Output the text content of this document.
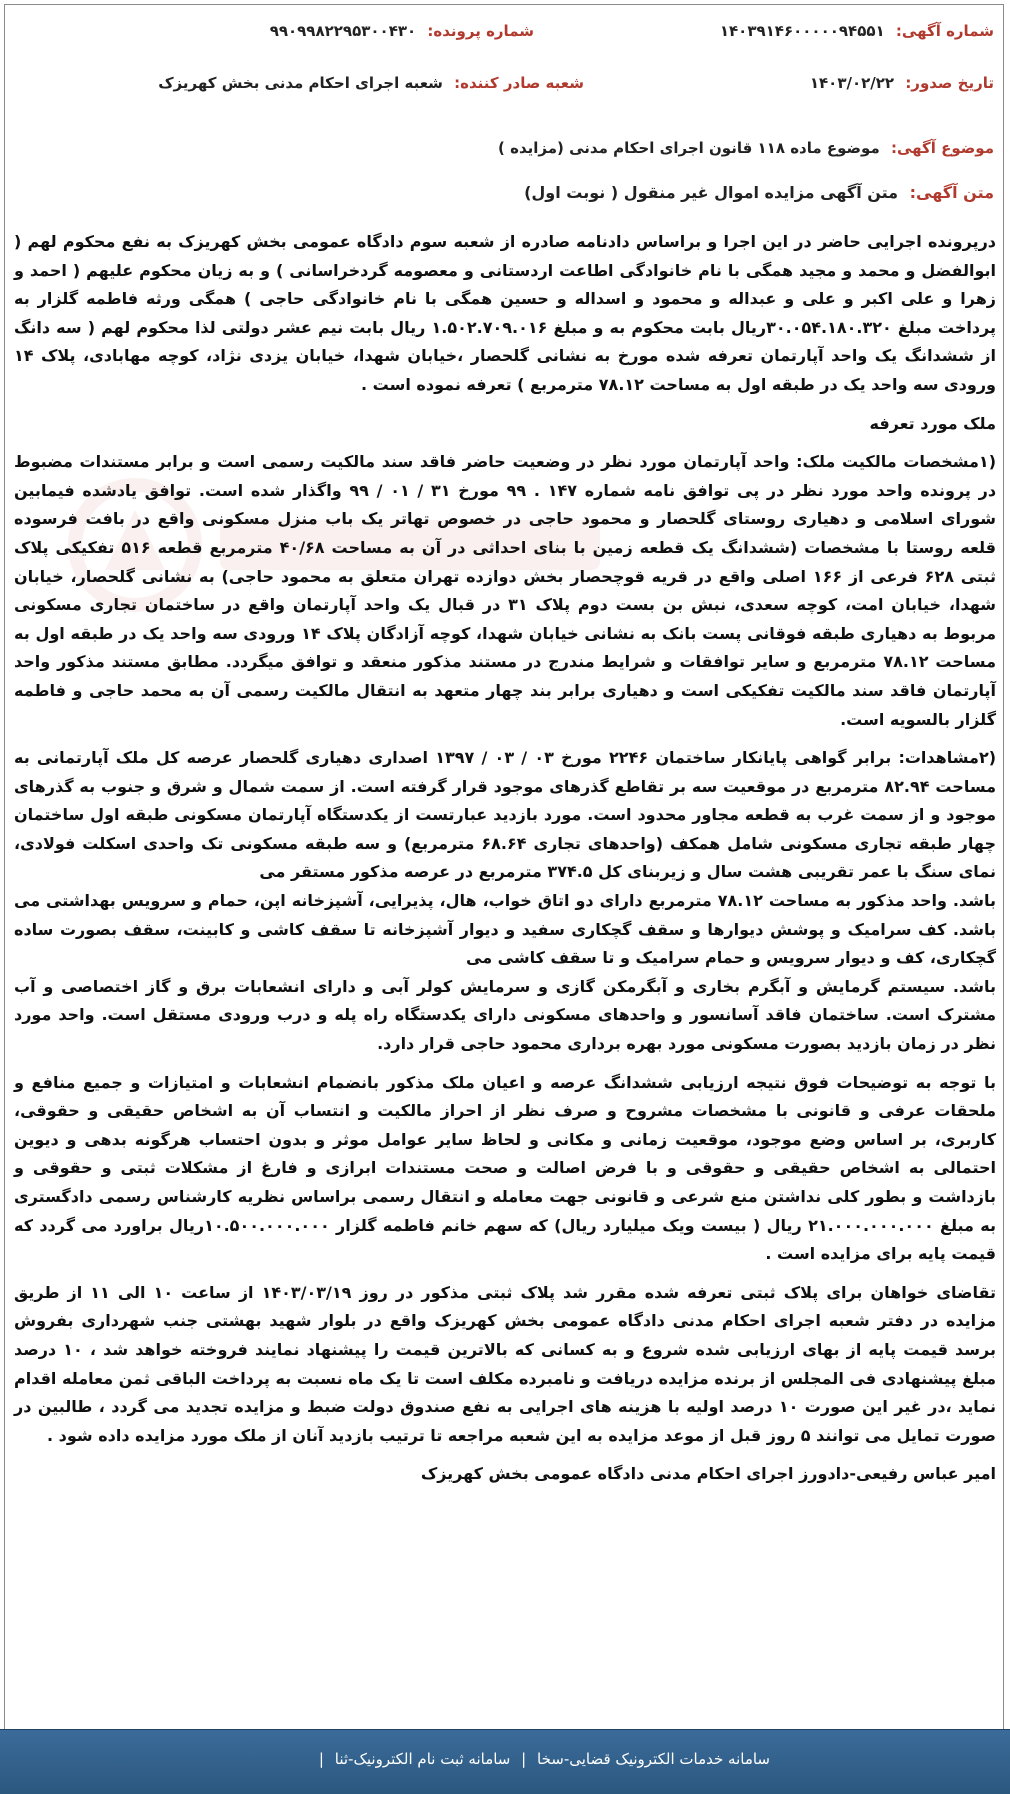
شماره آگهی: ۱۴۰۳۹۱۴۶۰۰۰۰۰۹۴۵۵۱
شماره پرونده: ۹۹۰۹۹۸۲۲۹۵۳۰۰۴۳۰
تاریخ صدور: ۱۴۰۳/۰۲/۲۲
شعبه صادر کننده: شعبه اجرای احکام مدنی بخش کهریزک
موضوع آگهی: موضوع ماده ۱۱۸ قانون اجرای احکام مدنی (مزایده )
متن آگهی: متن آگهی مزایده اموال غیر منقول ( نوبت اول)

درپرونده اجرایی حاضر در این اجرا و براساس دادنامه صادره از شعبه سوم دادگاه عمومی بخش کهریزک به نفع محکوم لهم ( ابوالفضل و محمد و مجید همگی با نام خانوادگی اطاعت اردستانی و معصومه گردخراسانی ) و به زیان محکوم علیهم ( احمد و زهرا و علی اکبر و علی و عبداله و محمود و اسداله و حسین همگی با نام خانوادگی حاجی ) همگی ورثه فاطمه گلزار به پرداخت مبلغ ۳۰.۰۵۴.۱۸۰.۳۲۰ریال بابت محکوم به و مبلغ ۱.۵۰۲.۷۰۹.۰۱۶ ریال بابت نیم عشر دولتی لذا محکوم لهم ( سه دانگ از ششدانگ یک واحد آپارتمان تعرفه شده مورخ به نشانی گلحصار ،خیابان شهدا، خیابان یزدی نژاد، کوچه مهابادی، پلاک ۱۴ ورودی سه واحد یک در طبقه اول به مساحت ۷۸.۱۲ مترمربع ) تعرفه نموده است .

ملک مورد تعرفه

(۱مشخصات مالکیت ملک: واحد آپارتمان مورد نظر در وضعیت حاضر فاقد سند مالکیت رسمی است و برابر مستندات مضبوط در پرونده واحد مورد نظر در پی توافق نامه شماره ۱۴۷ . ۹۹ مورخ ۳۱ / ۰۱ / ۹۹ واگذار شده است. توافق یادشده فیمابین شورای اسلامی و دهیاری روستای گلحصار و محمود حاجی در خصوص تهاتر یک باب منزل مسکونی واقع در بافت فرسوده قلعه روستا با مشخصات (ششدانگ یک قطعه زمین با بنای احداثی در آن به مساحت ۴۰/۶۸ مترمربع قطعه ۵۱۶ تفکیکی پلاک ثبتی ۶۲۸ فرعی از ۱۶۶ اصلی واقع در قریه قوچحصار بخش دوازده تهران متعلق به محمود حاجی) به نشانی گلحصار، خیابان شهدا، خیابان امت، کوچه سعدی، نبش بن بست دوم پلاک ۳۱ در قبال یک واحد آپارتمان واقع در ساختمان تجاری مسکونی مربوط به دهیاری طبقه فوقانی پست بانک به نشانی خیابان شهدا، کوچه آزادگان پلاک ۱۴ ورودی سه واحد یک در طبقه اول به مساحت ۷۸.۱۲ مترمربع و سایر توافقات و شرایط مندرج در مستند مذکور منعقد و توافق میگردد. مطابق مستند مذکور واحد آپارتمان فاقد سند مالکیت تفکیکی است و دهیاری برابر بند چهار متعهد به انتقال مالکیت رسمی آن به محمد حاجی و فاطمه گلزار بالسویه است.

(۲مشاهدات: برابر گواهی پایانکار ساختمان ۲۲۴۶ مورخ ۰۳ / ۰۳ / ۱۳۹۷ اصداری دهیاری گلحصار عرصه کل ملک آپارتمانی به مساحت ۸۲.۹۴ مترمربع در موقعیت سه بر تقاطع گذرهای موجود قرار گرفته است. از سمت شمال و شرق و جنوب به گذرهای موجود و از سمت غرب به قطعه مجاور محدود است. مورد بازدید عبارتست از یکدستگاه آپارتمان مسکونی طبقه اول ساختمان چهار طبقه تجاری مسکونی شامل همکف (واحدهای تجاری ۶۸.۶۴ مترمربع) و سه طبقه مسکونی تک واحدی اسکلت فولادی، نمای سنگ با عمر تقریبی هشت سال و زیربنای کل ۳۷۴.۵ مترمربع در عرصه مذکور مستقر می

باشد. واحد مذکور به مساحت ۷۸.۱۲ مترمربع دارای دو اتاق خواب، هال، پذیرایی، آشپزخانه اپن، حمام و سرویس بهداشتی می باشد. کف سرامیک و پوشش دیوارها و سقف گچکاری سفید و دیوار آشپزخانه تا سقف کاشی و کابینت، سقف بصورت ساده گچکاری، کف و دیوار سرویس و حمام سرامیک و تا سقف کاشی می

باشد. سیستم گرمایش و آبگرم بخاری و آبگرمکن گازی و سرمایش کولر آبی و دارای انشعابات برق و گاز اختصاصی و آب مشترک است. ساختمان فاقد آسانسور و واحدهای مسکونی دارای یکدستگاه راه پله و درب ورودی مستقل است. واحد مورد نظر در زمان بازدید بصورت مسکونی مورد بهره برداری محمود حاجی قرار دارد.

با توجه به توضیحات فوق نتیجه ارزیابی ششدانگ عرصه و اعیان ملک مذکور بانضمام انشعابات و امتیازات و جمیع منافع و ملحقات عرفی و قانونی با مشخصات مشروح و صرف نظر از احراز مالکیت و انتساب آن به اشخاص حقیقی و حقوقی، کاربری، بر اساس وضع موجود، موقعیت زمانی و مکانی و لحاظ سایر عوامل موثر و بدون احتساب هرگونه بدهی و دیوین احتمالی به اشخاص حقیقی و حقوقی و با فرض اصالت و صحت مستندات ابرازی و فارغ از مشکلات ثبتی و حقوقی و بازداشت و بطور کلی نداشتن منع شرعی و قانونی جهت معامله و انتقال رسمی براساس نظریه کارشناس رسمی دادگستری به مبلغ ۲۱.۰۰۰.۰۰۰.۰۰۰ ریال ( بیست ویک میلیارد ریال) که سهم خانم فاطمه گلزار ۱۰.۵۰۰.۰۰۰.۰۰۰ریال براورد می گردد که قیمت پایه برای مزایده است .

تقاضای خواهان برای پلاک ثبتی تعرفه شده مقرر شد پلاک ثبتی مذکور در روز ۱۴۰۳/۰۳/۱۹ از ساعت ۱۰ الی ۱۱ از طریق مزایده در دفتر شعبه اجرای احکام مدنی دادگاه عمومی بخش کهریزک واقع در بلوار شهید بهشتی جنب شهرداری بفروش برسد قیمت پایه از بهای ارزیابی شده شروع و به کسانی که بالاترین قیمت را پیشنهاد نمایند فروخته خواهد شد ، ۱۰ درصد مبلغ پیشنهادی فی المجلس از برنده مزایده دریافت و نامبرده مکلف است تا یک ماه نسبت به پرداخت الباقی ثمن معامله اقدام نماید ،در غیر این صورت ۱۰ درصد اولیه با هزینه های اجرایی به نفع صندوق دولت ضبط و مزایده تجدید می گردد ، طالبین در صورت تمایل می توانند ۵ روز قبل از موعد مزایده به این شعبه مراجعه تا ترتیب بازدید آنان از ملک مورد مزایده داده شود .

امیر عباس رفیعی-دادورز اجرای احکام مدنی دادگاه عمومی بخش کهریزک

سامانه خدمات الکترونیک قضایی-سخا | سامانه ثبت نام الکترونیک-ثنا |
